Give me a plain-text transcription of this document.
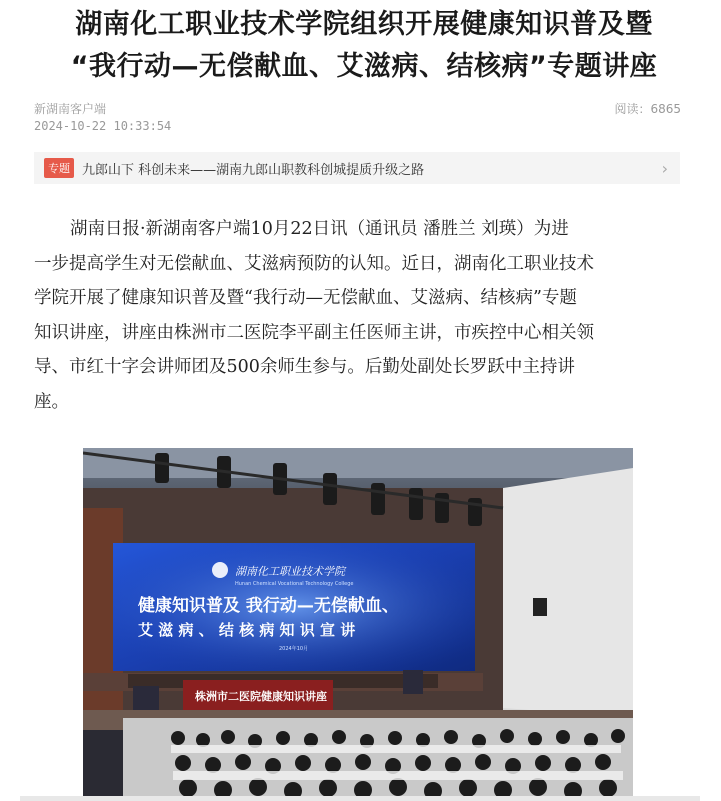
湖南化工职业技术学院组织开展健康知识普及暨
“我行动—无偿献血、艾滋病、结核病”专题讲座
新湖南客户端
2024-10-22 10:33:54
阅读：6865
专题 九郎山下 科创未来——湖南九郎山职教科创城提质升级之路	›
湖南日报·新湖南客户端10月22日讯（通讯员 潘胜兰 刘瑛）为进
一步提高学生对无偿献血、艾滋病预防的认知。近日，湖南化工职业技术
学院开展了健康知识普及暨“我行动—无偿献血、艾滋病、结核病”专题
知识讲座，讲座由株洲市二医院李平副主任医师主讲，市疾控中心相关领
导、市红十字会讲师团及500余师生参与。后勤处副处长罗跃中主持讲
座。
湖南化工职业技术学院
Hunan Chemical Vocational Technology College
健康知识普及 我行动—无偿献血、
艾 滋 病 、 结 核 病 知 识 宣 讲
2024年10月
株洲市二医院健康知识讲座
